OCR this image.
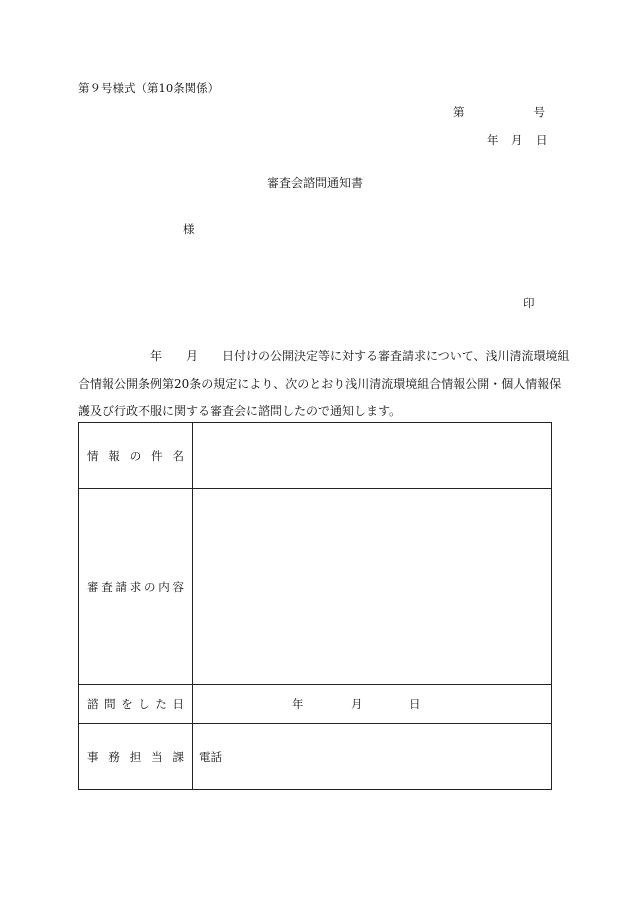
第９号様式（第10条関係）
第	号
年 月 日
審査会諮問通知書
様
印
　　　　　　年　　月　　日付けの公開決定等に対する審査請求について、浅川清流環境組
合情報公開条例第20条の規定により、次のとおり浅川清流環境組合情報公開・個人情報保
護及び行政不服に関する審査会に諮問したので通知します。
情報の件名
審査請求の内容
諮問をした日	年	月	日
事務担当課 電話
